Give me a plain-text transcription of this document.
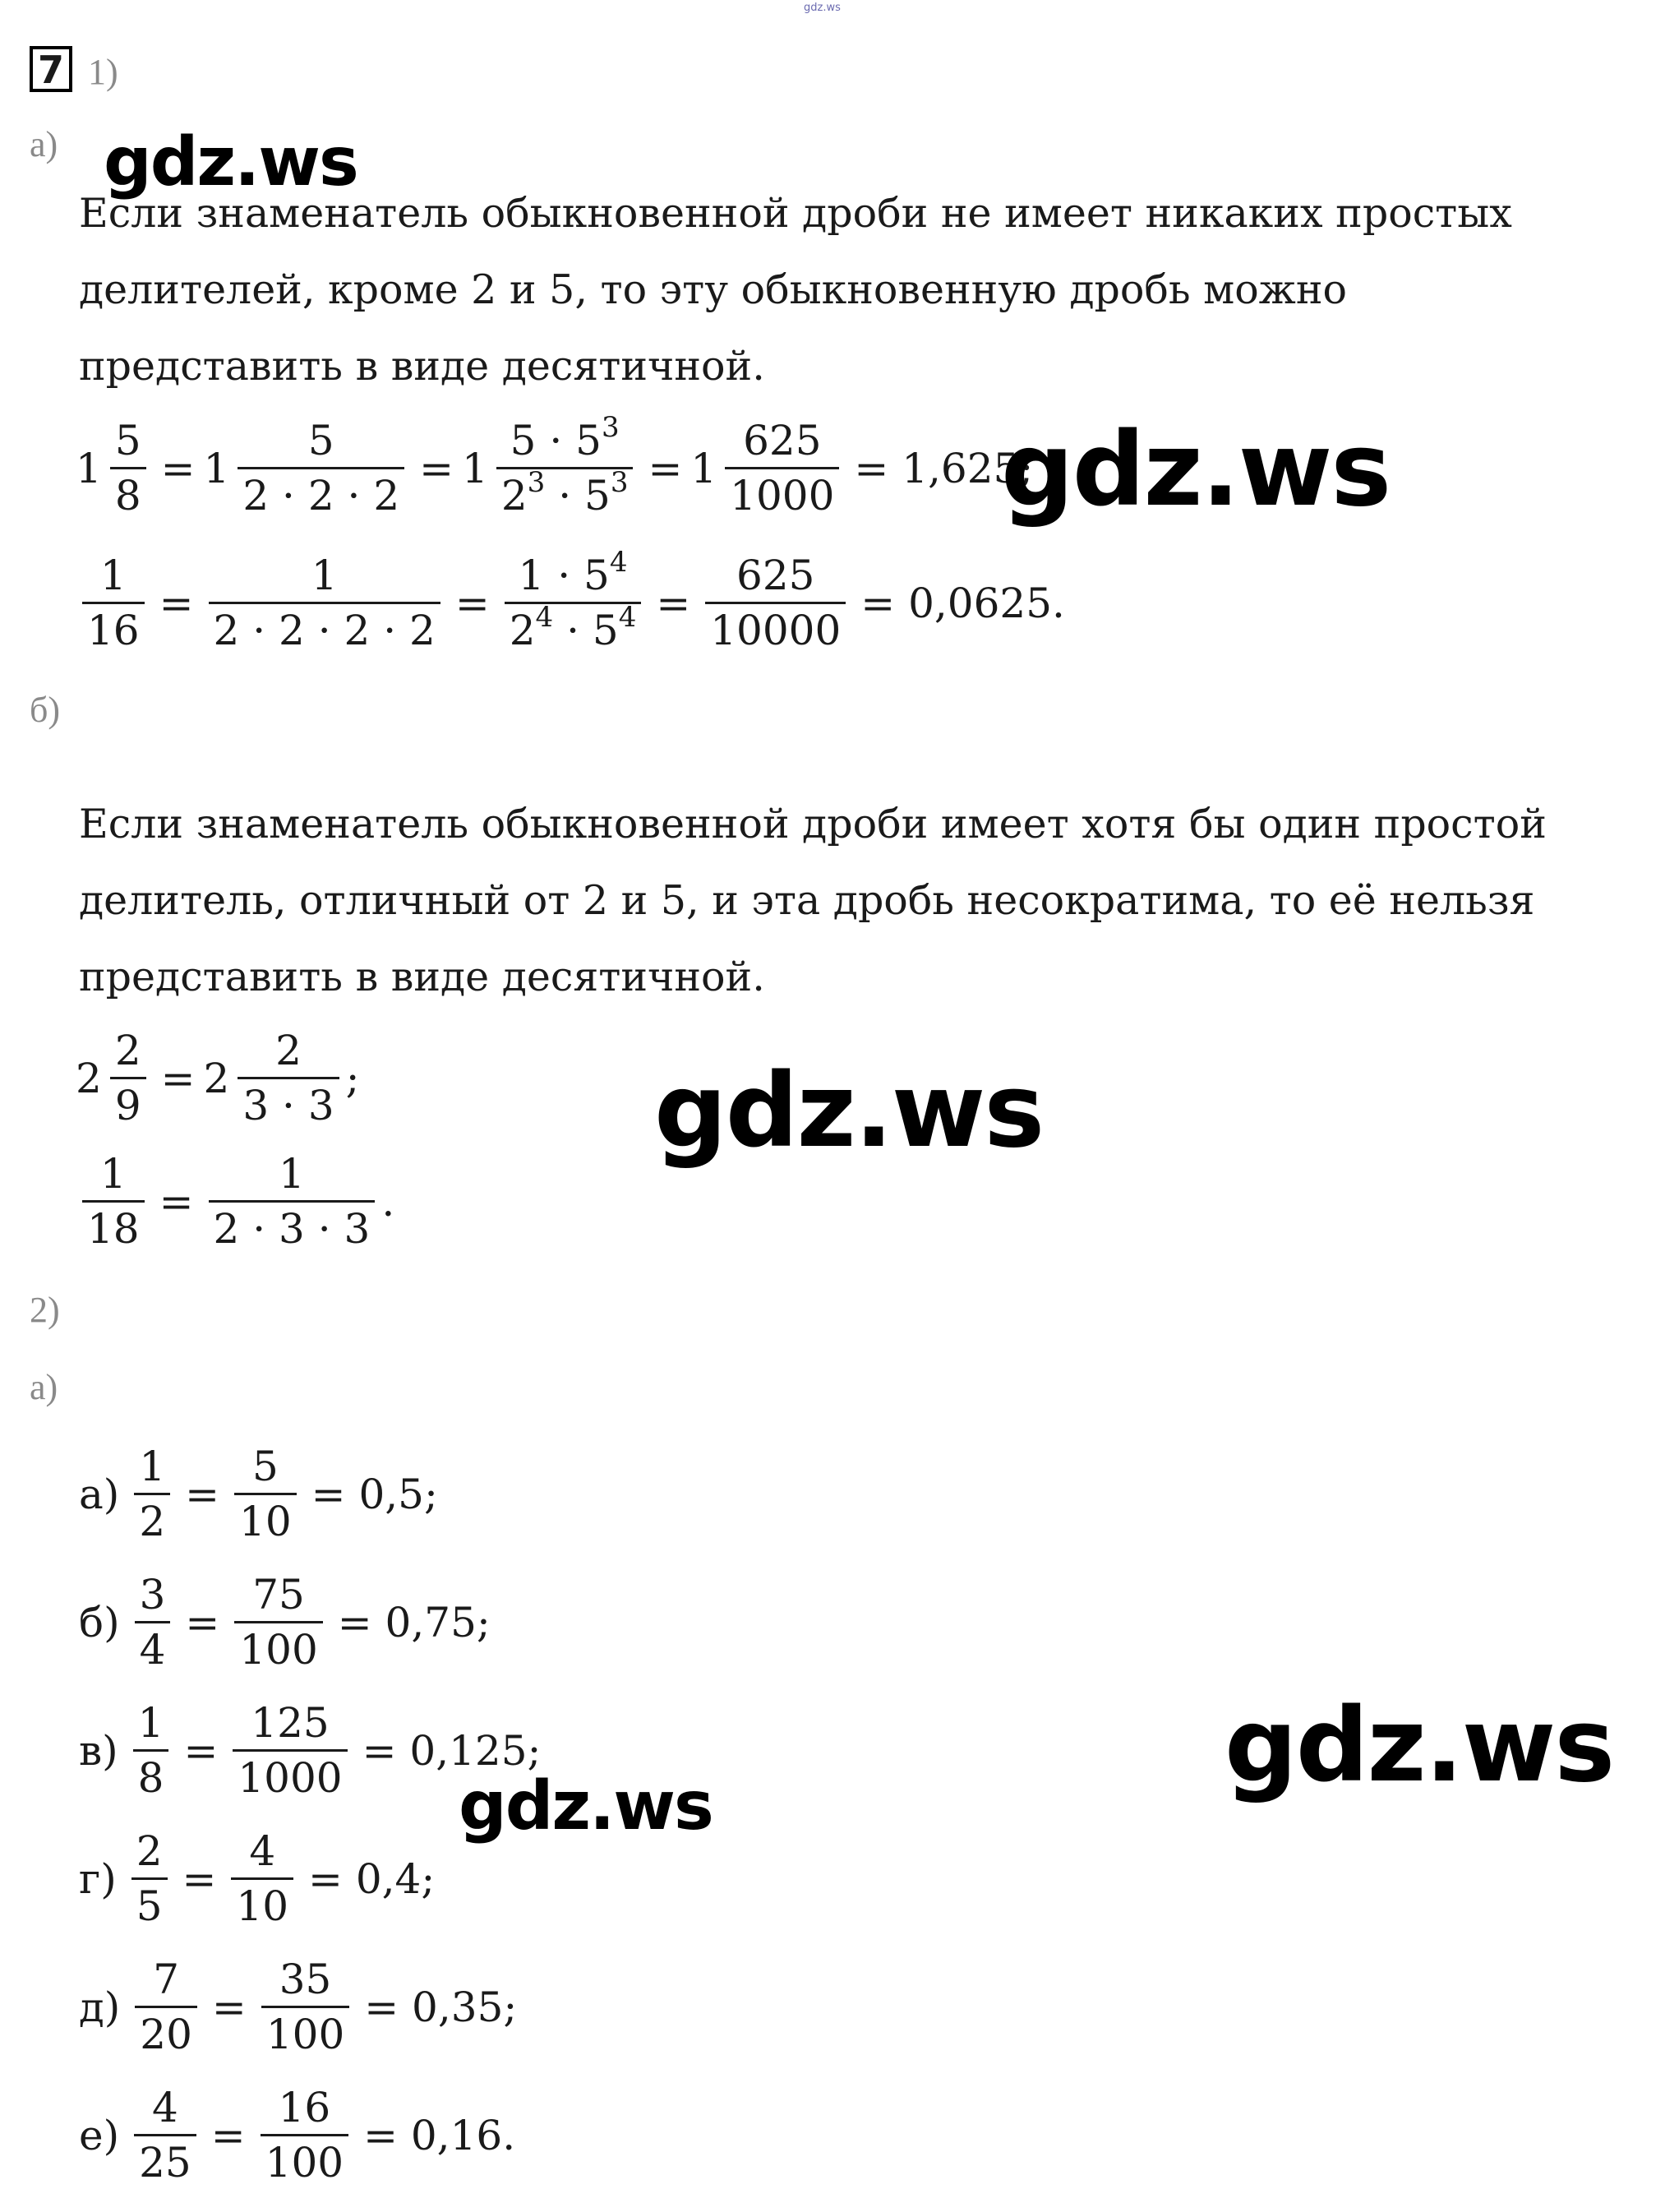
gdz.ws
7 1)
а) gdz.ws
Если знаменатель обыкновенной дроби не имеет никаких простых
делителей, кроме 2 и 5, то эту обыкновенную дробь можно
представить в виде десятичной.
$1 \frac{5}{8} = 1 \frac{5}{2 \cdot 2 \cdot 2} = 1 \frac{5 \cdot 5^3}{2^3 \cdot 5^3} = 1 \frac{625}{1000} = 1,625$;
gdz.ws
$\frac{1}{16} = \frac{1}{2 \cdot 2 \cdot 2 \cdot 2} = \frac{1 \cdot 5^4}{2^4 \cdot 5^4} = \frac{625}{10000} = 0,0625$.
б)
Если знаменатель обыкновенной дроби имеет хотя бы один простой
делитель, отличный от 2 и 5, и эта дробь несократима, то её нельзя
представить в виде десятичной.
$2 \frac{2}{9} = 2 \frac{2}{3 \cdot 3}$ ;	gdz.ws
$\frac{1}{18} = \frac{1}{2 \cdot 3 \cdot 3}$ .
2)
а)
$а) \frac{1}{2} = \frac{5}{10} = 0,5$;
$б) \frac{3}{4} = \frac{75}{100} = 0,75$;
$в) \frac{1}{8} = \frac{125}{1000} = 0,125$;	gdz.ws
gdz.ws
$г) \frac{2}{5} = \frac{4}{10} = 0,4$;
$д) \frac{7}{20} = \frac{35}{100} = 0,35$;
$е) \frac{4}{25} = \frac{16}{100} = 0,16$.
